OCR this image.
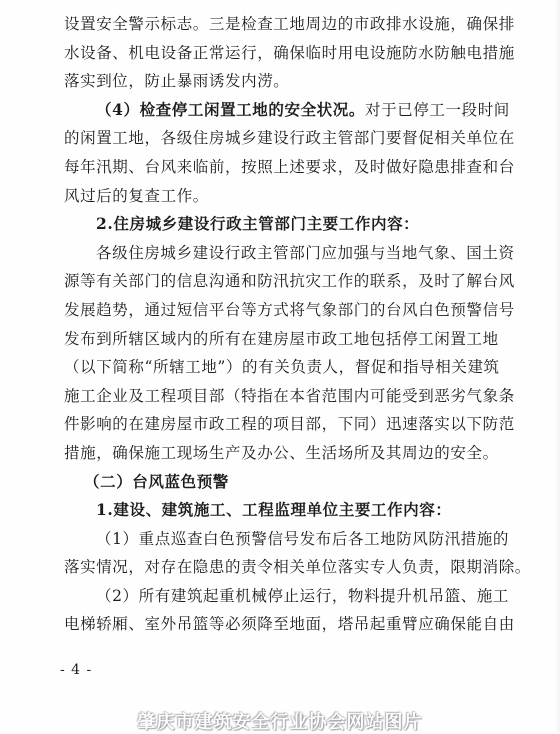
设置安全警示标志。三是检查工地周边的市政排水设施，确保排
水设备、机电设备正常运行，确保临时用电设施防水防触电措施
落实到位，防止暴雨诱发内涝。
（4）检查停工闲置工地的安全状况。对于已停工一段时间
的闲置工地，各级住房城乡建设行政主管部门要督促相关单位在
每年汛期、台风来临前，按照上述要求，及时做好隐患排查和台
风过后的复查工作。
2.住房城乡建设行政主管部门主要工作内容：
各级住房城乡建设行政主管部门应加强与当地气象、国土资
源等有关部门的信息沟通和防汛抗灾工作的联系，及时了解台风
发展趋势，通过短信平台等方式将气象部门的台风白色预警信号
发布到所辖区域内的所有在建房屋市政工地包括停工闲置工地
（以下简称“所辖工地”）的有关负责人，督促和指导相关建筑
施工企业及工程项目部（特指在本省范围内可能受到恶劣气象条
件影响的在建房屋市政工程的项目部，下同）迅速落实以下防范
措施，确保施工现场生产及办公、生活场所及其周边的安全。
（二）台风蓝色预警
1.建设、建筑施工、工程监理单位主要工作内容：
（1）重点巡查白色预警信号发布后各工地防风防汛措施的
落实情况，对存在隐患的责令相关单位落实专人负责，限期消除。
（2）所有建筑起重机械停止运行，物料提升机吊篮、施工
电梯轿厢、室外吊篮等必须降至地面，塔吊起重臂应确保能自由
- 4 -
肇庆市建筑安全行业协会网站图片
